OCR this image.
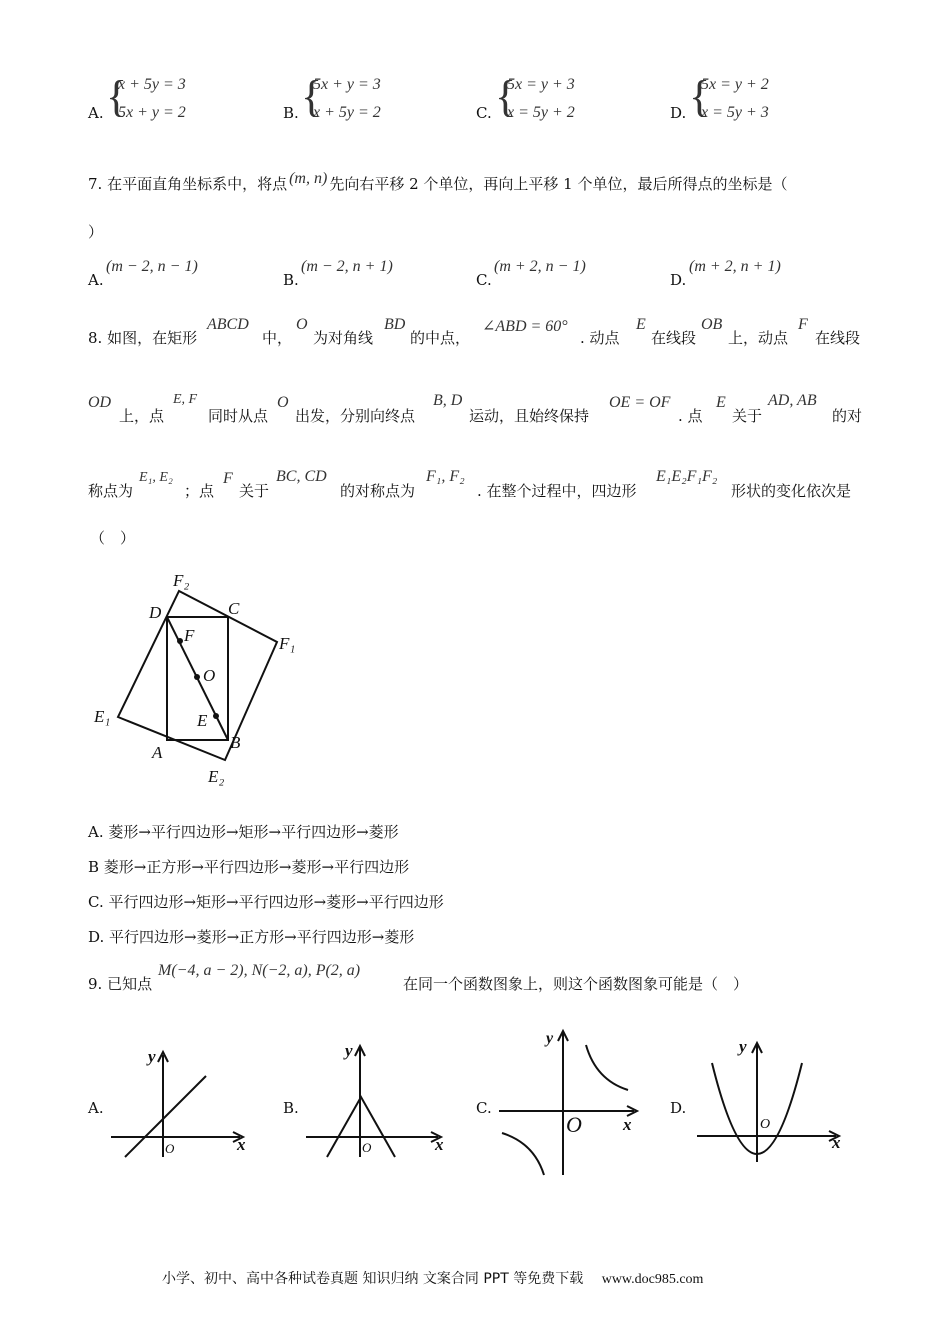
A. {
x + 5y = 3
5x + y = 2	B. {
5x + y = 3
x + 5y = 2	C. {
5x = y + 3
x = 5y + 2	D. {
5x = y + 2
x = 5y + 3
7. 在平面直角坐标系中，将点 (m, n) 先向右平移 2 个单位，再向上平移 1 个单位，最后所得点的坐标是（
）
A.
(m − 2, n − 1)
B.
(m − 2, n + 1)
C.
(m + 2, n − 1)
D.
(m + 2, n + 1)
8. 如图，在矩形
ABCD
中，
O
为对角线
BD
的中点，
∠ABD = 60°
. 动点
E
在线段
OB
上，动点
F
在线段
OD
上，点
E, F
同时从点
O
出发，分别向终点
B, D
运动，且始终保持
OE = OF
. 点
E
关于
AD, AB
的对
称点为
E₁, E₂
；点
F
关于
BC, CD
的对称点为
F₁, F₂
. 在整个过程中，四边形
E₁E₂F₁F₂
形状的变化依次是
（　）
F₂
D	C
F	F₁
O
E₁	E
A
B
E₂
A. 菱形→平行四边形→矩形→平行四边形→菱形
B 菱形→正方形→平行四边形→菱形→平行四边形
C. 平行四边形→矩形→平行四边形→菱形→平行四边形
D. 平行四边形→菱形→正方形→平行四边形→菱形
9. 已知点
M(−4, a − 2), N(−2, a), P(2, a)
在同一个函数图象上，则这个函数图象可能是（　）
A.
y
x
O
B.
y
x
O
C.
y
x
O
D.
y
x
O
小学、初中、高中各种试卷真题 知识归纳 文案合同 PPT 等免费下载 www.doc985.com
